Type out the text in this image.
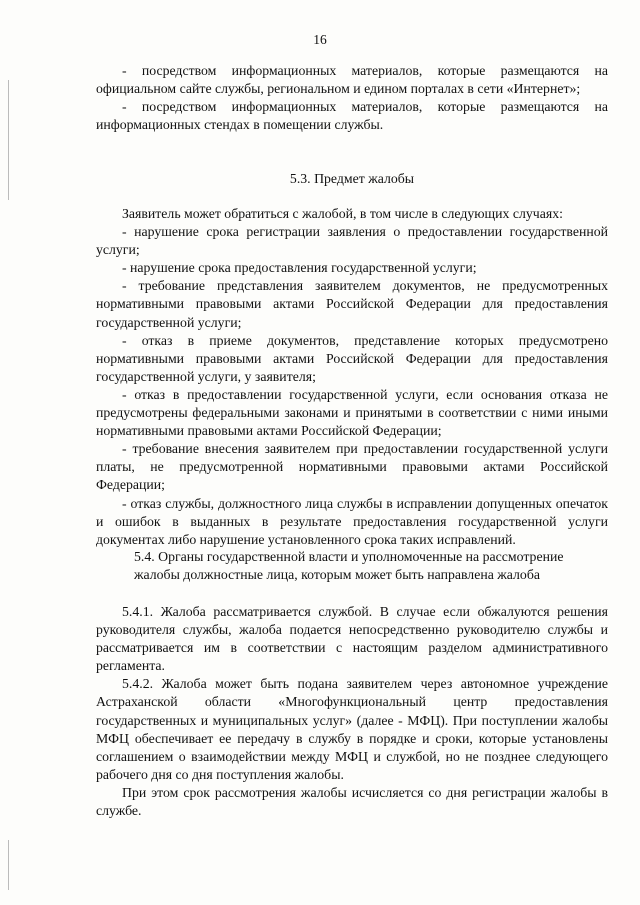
16

- посредством информационных материалов, которые размещаются на официальном сайте службы, региональном и едином порталах в сети «Интернет»;

- посредством информационных материалов, которые размещаются на информационных стендах в помещении службы.

5.3. Предмет жалобы

Заявитель может обратиться с жалобой, в том числе в следующих случаях:

- нарушение срока регистрации заявления о предоставлении государственной услуги;

- нарушение срока предоставления государственной услуги;

- требование представления заявителем документов, не предусмотренных нормативными правовыми актами Российской Федерации для предоставления государственной услуги;

- отказ в приеме документов, представление которых предусмотрено нормативными правовыми актами Российской Федерации для предоставления государственной услуги, у заявителя;

- отказ в предоставлении государственной услуги, если основания отказа не предусмотрены федеральными законами и принятыми в соответствии с ними иными нормативными правовыми актами Российской Федерации;

- требование внесения заявителем при предоставлении государственной услуги платы, не предусмотренной нормативными правовыми актами Российской Федерации;

- отказ службы, должностного лица службы в исправлении допущенных опечаток и ошибок в выданных в результате предоставления государственной услуги документах либо нарушение установленного срока таких исправлений.

5.4. Органы государственной власти и уполномоченные на рассмотрение
жалобы должностные лица, которым может быть направлена жалоба

5.4.1. Жалоба рассматривается службой. В случае если обжалуются решения руководителя службы, жалоба подается непосредственно руководителю службы и рассматривается им в соответствии с настоящим разделом административного регламента.

5.4.2. Жалоба может быть подана заявителем через автономное учреждение Астраханской области «Многофункциональный центр предоставления государственных и муниципальных услуг» (далее - МФЦ). При поступлении жалобы МФЦ обеспечивает ее передачу в службу в порядке и сроки, которые установлены соглашением о взаимодействии между МФЦ и службой, но не позднее следующего рабочего дня со дня поступления жалобы.

При этом срок рассмотрения жалобы исчисляется со дня регистрации жалобы в службе.
